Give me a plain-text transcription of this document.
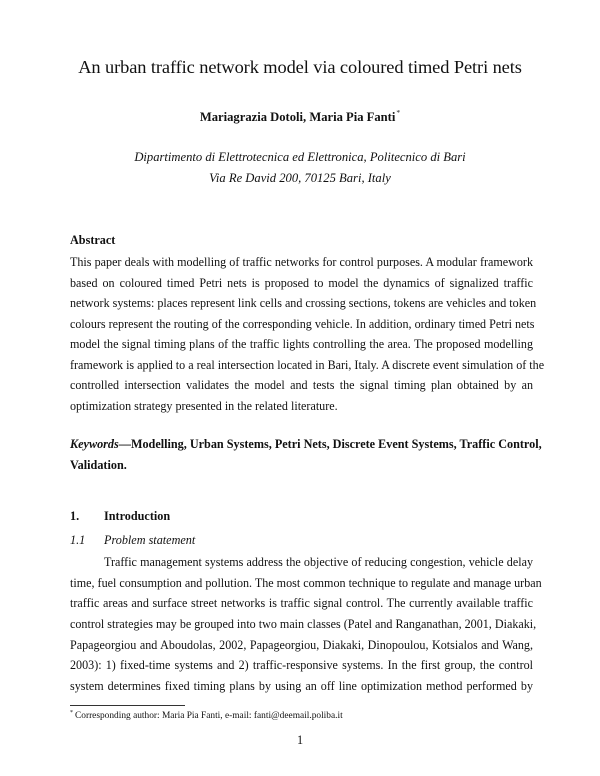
An urban traffic network model via coloured timed Petri nets
Mariagrazia Dotoli, Maria Pia Fanti*
Dipartimento di Elettrotecnica ed Elettronica, Politecnico di Bari
Via Re David 200, 70125 Bari, Italy
Abstract
This paper deals with modelling of traffic networks for control purposes. A modular framework
based on coloured timed Petri nets is proposed to model the dynamics of signalized traffic
network systems: places represent link cells and crossing sections, tokens are vehicles and token
colours represent the routing of the corresponding vehicle. In addition, ordinary timed Petri nets
model the signal timing plans of the traffic lights controlling the area. The proposed modelling
framework is applied to a real intersection located in Bari, Italy. A discrete event simulation of the
controlled intersection validates the model and tests the signal timing plan obtained by an
optimization strategy presented in the related literature.
Keywords—Modelling, Urban Systems, Petri Nets, Discrete Event Systems, Traffic Control,
Validation.
1. Introduction
1.1 Problem statement
Traffic management systems address the objective of reducing congestion, vehicle delay
time, fuel consumption and pollution. The most common technique to regulate and manage urban
traffic areas and surface street networks is traffic signal control. The currently available traffic
control strategies may be grouped into two main classes (Patel and Ranganathan, 2001, Diakaki,
Papageorgiou and Aboudolas, 2002, Papageorgiou, Diakaki, Dinopoulou, Kotsialos and Wang,
2003): 1) fixed-time systems and 2) traffic-responsive systems. In the first group, the control
system determines fixed timing plans by using an off line optimization method performed by
* Corresponding author: Maria Pia Fanti, e-mail: fanti@deemail.poliba.it
1
